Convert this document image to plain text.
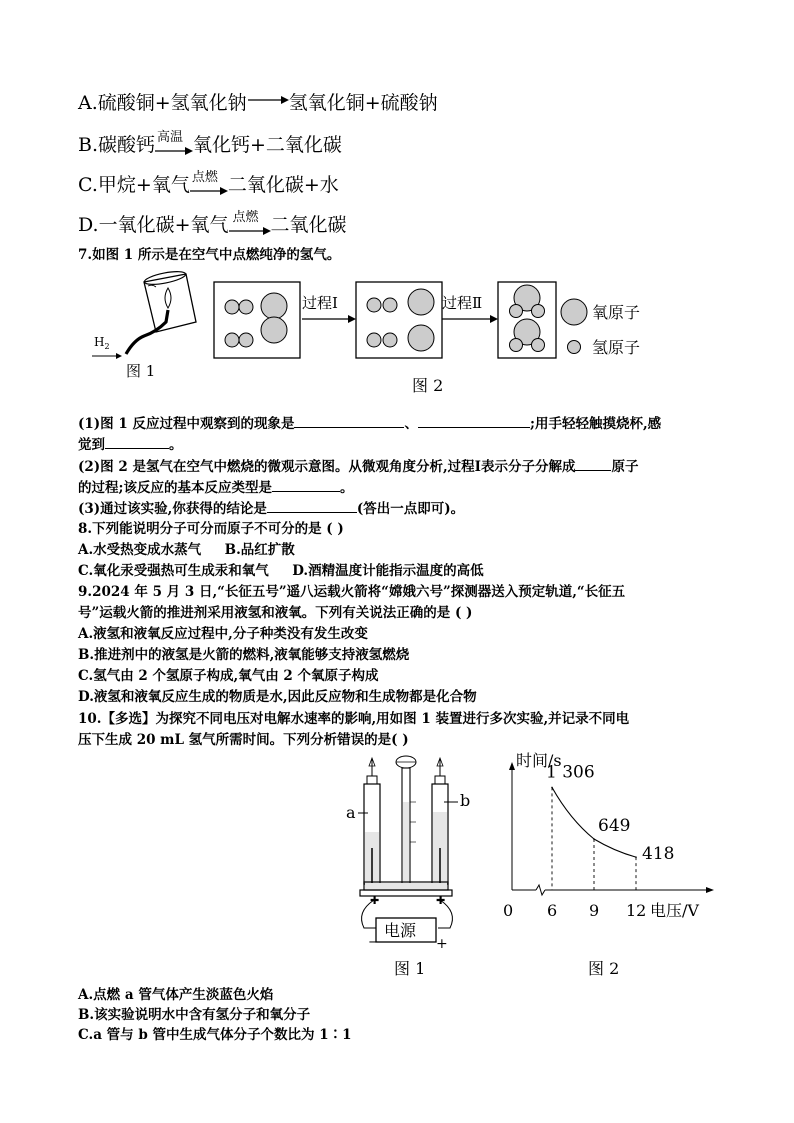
A.硫酸铜+氢氧化钠 氢氧化铜+硫酸钠
B.碳酸钙 高温 氧化钙+二氧化碳
C.甲烷+氧气 点燃 二氧化碳+水
D.一氧化碳+氧气 点燃 二氧化碳
7.如图 1 所示是在空气中点燃纯净的氢气。
$H_2$
图 1
过程Ⅰ	过程Ⅱ	氧原子
氢原子
图 2
(1)图 1 反应过程中观察到的现象是	、	;用手轻轻触摸烧杯,感
觉到	。
(2)图 2 是氢气在空气中燃烧的微观示意图。从微观角度分析,过程Ⅰ表示分子分解成	原子
的过程;该反应的基本反应类型是	。
(3)通过该实验,你获得的结论是	(答出一点即可)。
8.下列能说明分子可分而原子不可分的是 ( )
A.水受热变成水蒸气     B.品红扩散
C.氧化汞受强热可生成汞和氧气     D.酒精温度计能指示温度的高低
9.2024 年 5 月 3 日,“长征五号”遥八运载火箭将“嫦娥六号”探测器送入预定轨道,“长征五
号”运载火箭的推进剂采用液氢和液氧。下列有关说法正确的是 ( )
A.液氢和液氧反应过程中,分子种类没有发生改变
B.推进剂中的液氢是火箭的燃料,液氧能够支持液氢燃烧
C.氢气由 2 个氢原子构成,氧气由 2 个氧原子构成
D.液氢和液氧反应生成的物质是水,因此反应物和生成物都是化合物
10.【多选】为探究不同电压对电解水速率的影响,用如图 1 装置进行多次实验,并记录不同电
压下生成 20 mL 氢气所需时间。下列分析错误的是( )
a
b
✚	✚
电源
−	+
图 1
时间/s
电压/V
0
1 306
649
418
6 9 12
图 2
A.点燃 a 管气体产生淡蓝色火焰
B.该实验说明水中含有氢分子和氧分子
C.a 管与 b 管中生成气体分子个数比为 1∶1
